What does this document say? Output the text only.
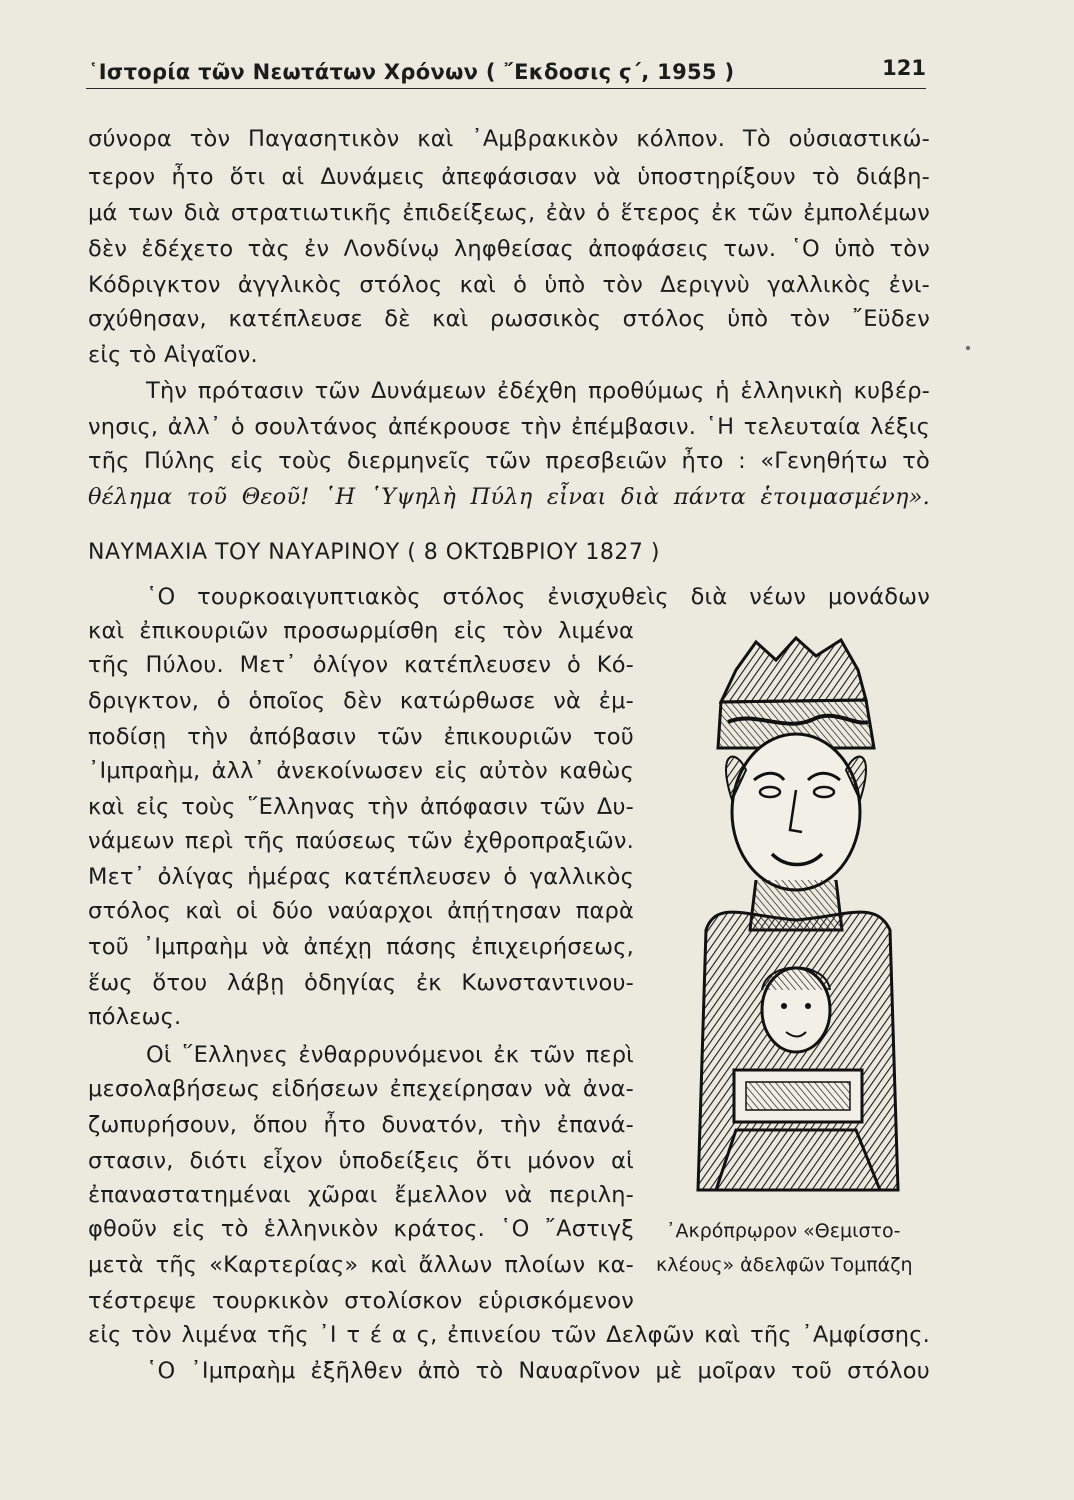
῾Ιστορία τῶν Νεωτάτων Χρόνων ( ῎Εκδοσις ϛ΄, 1955 )	121
σύνορα τὸν Παγασητικὸν καὶ ᾿Αμβρακικὸν κόλπον. Τὸ οὐσιαστικώ-
τερον ἦτο ὅτι αἱ Δυνάμεις ἀπεφάσισαν νὰ ὑποστηρίξουν τὸ διάβη-
μά των διὰ στρατιωτικῆς ἐπιδείξεως, ἐὰν ὁ ἕτερος ἐκ τῶν ἐμπολέμων
δὲν ἐδέχετο τὰς ἐν Λονδίνῳ ληφθείσας ἀποφάσεις των. ῾Ο ὑπὸ τὸν
Κόδριγκτον ἀγγλικὸς στόλος καὶ ὁ ὑπὸ τὸν Δεριγνὺ γαλλικὸς ἐνι-
σχύθησαν, κατέπλευσε δὲ καὶ ρωσσικὸς στόλος ὑπὸ τὸν ῎Εϋδεν
εἰς τὸ Αἰγαῖον.
Τὴν πρότασιν τῶν Δυνάμεων ἐδέχθη προθύμως ἡ ἑλληνικὴ κυβέρ-
νησις, ἀλλ᾿ ὁ σουλτάνος ἀπέκρουσε τὴν ἐπέμβασιν. ῾Η τελευταία λέξις
τῆς Πύλης εἰς τοὺς διερμηνεῖς τῶν πρεσβειῶν ἦτο : «Γενηθήτω τὸ
θέλημα τοῦ Θεοῦ! ῾Η ῾Υψηλὴ Πύλη εἶναι διὰ πάντα ἑτοιμασμένη».
ΝΑΥΜΑΧΙΑ ΤΟΥ ΝΑΥΑΡΙΝΟΥ ( 8 ΟΚΤΩΒΡΙΟΥ 1827 )
῾Ο τουρκοαιγυπτιακὸς στόλος ἐνισχυθεὶς διὰ νέων μονάδων
καὶ ἐπικουριῶν προσωρμίσθη εἰς τὸν λιμένα
τῆς Πύλου. Μετ᾿ ὀλίγον κατέπλευσεν ὁ Κό-
δριγκτον, ὁ ὁποῖος δὲν κατώρθωσε νὰ ἐμ-
ποδίσῃ τὴν ἀπόβασιν τῶν ἐπικουριῶν τοῦ
᾿Ιμπραὴμ, ἀλλ᾿ ἀνεκοίνωσεν εἰς αὐτὸν καθὼς
καὶ εἰς τοὺς ῞Ελληνας τὴν ἀπόφασιν τῶν Δυ-
νάμεων περὶ τῆς παύσεως τῶν ἐχθροπραξιῶν.
Μετ᾿ ὀλίγας ἡμέρας κατέπλευσεν ὁ γαλλικὸς
στόλος καὶ οἱ δύο ναύαρχοι ἀπῄτησαν παρὰ
τοῦ ᾿Ιμπραὴμ νὰ ἀπέχῃ πάσης ἐπιχειρήσεως,
ἕως ὅτου λάβῃ ὁδηγίας ἐκ Κωνσταντινου-
πόλεως.
Οἱ ῞Ελληνες ἐνθαρρυνόμενοι ἐκ τῶν περὶ
μεσολαβήσεως εἰδήσεων ἐπεχείρησαν νὰ ἀνα-
ζωπυρήσουν, ὅπου ἦτο δυνατόν, τὴν ἐπανά-
στασιν, διότι εἶχον ὑποδείξεις ὅτι μόνον αἱ
ἐπαναστατημέναι χῶραι ἔμελλον νὰ περιλη-
φθοῦν εἰς τὸ ἑλληνικὸν κράτος. ῾Ο ῎Αστιγξ
μετὰ τῆς «Καρτερίας» καὶ ἄλλων πλοίων κα-
τέστρεψε τουρκικὸν στολίσκον εὑρισκόμενον
εἰς τὸν λιμένα τῆς ᾿Ι τ έ α ς, ἐπινείου τῶν Δελφῶν καὶ τῆς ᾿Αμφίσσης.
῾Ο ᾿Ιμπραὴμ ἐξῆλθεν ἀπὸ τὸ Ναυαρῖνον μὲ μοῖραν τοῦ στόλου
᾿Ακρόπρῳρον «Θεμιστο-
κλέους» ἀδελφῶν Τομπάζη
